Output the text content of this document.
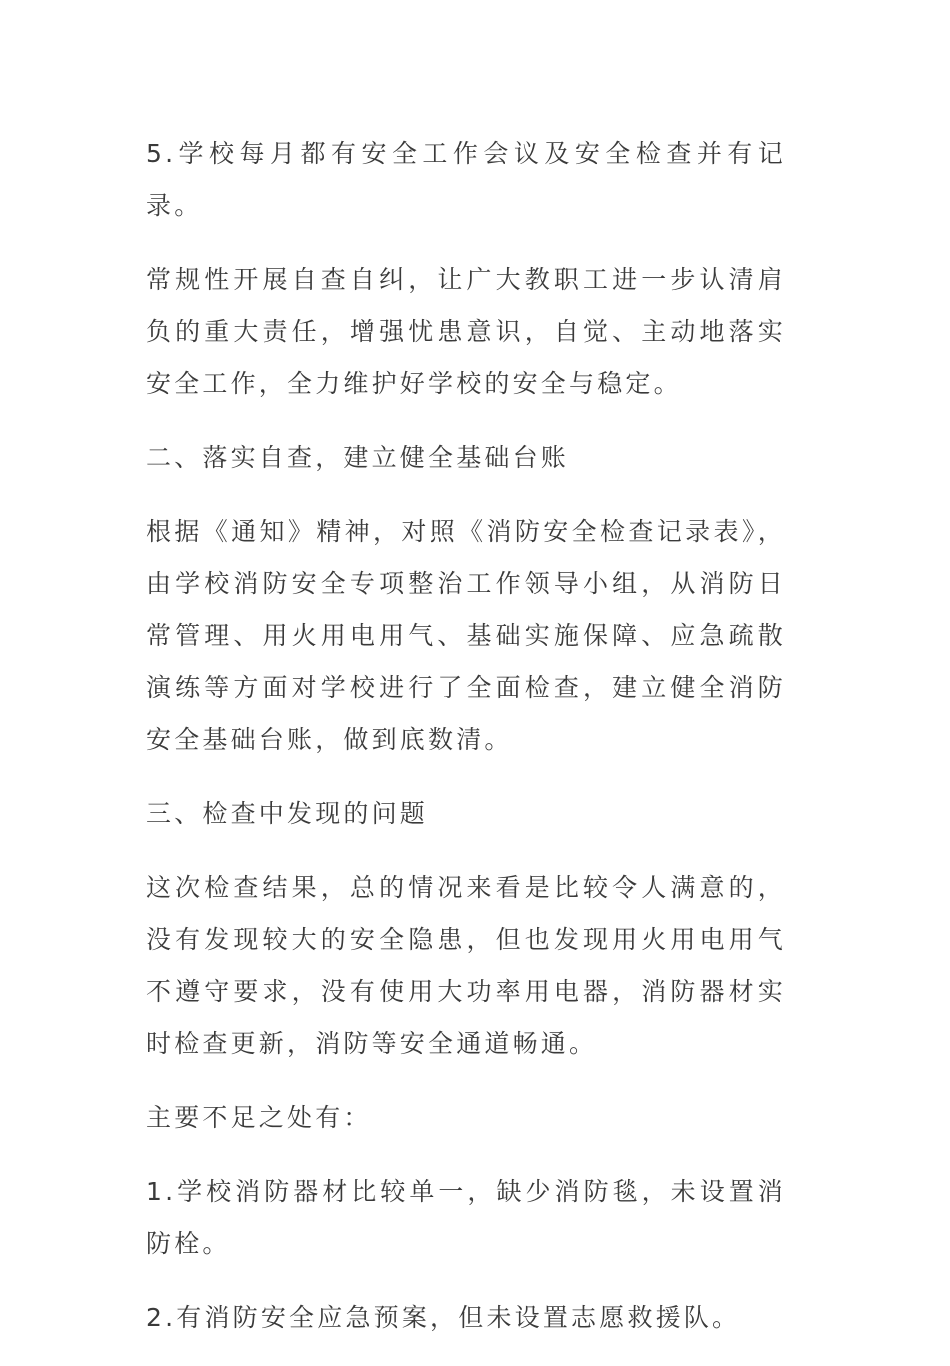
5.学校每月都有安全工作会议及安全检查并有记录。

常规性开展自查自纠，让广大教职工进一步认清肩负的重大责任，增强忧患意识，自觉、主动地落实安全工作，全力维护好学校的安全与稳定。

二、落实自查，建立健全基础台账

根据《通知》精神，对照《消防安全检查记录表》，由学校消防安全专项整治工作领导小组，从消防日常管理、用火用电用气、基础实施保障、应急疏散演练等方面对学校进行了全面检查，建立健全消防安全基础台账，做到底数清。

三、检查中发现的问题

这次检查结果，总的情况来看是比较令人满意的，没有发现较大的安全隐患，但也发现用火用电用气不遵守要求，没有使用大功率用电器，消防器材实时检查更新，消防等安全通道畅通。

主要不足之处有：

1.学校消防器材比较单一，缺少消防毯，未设置消防栓。

2.有消防安全应急预案，但未设置志愿救援队。
